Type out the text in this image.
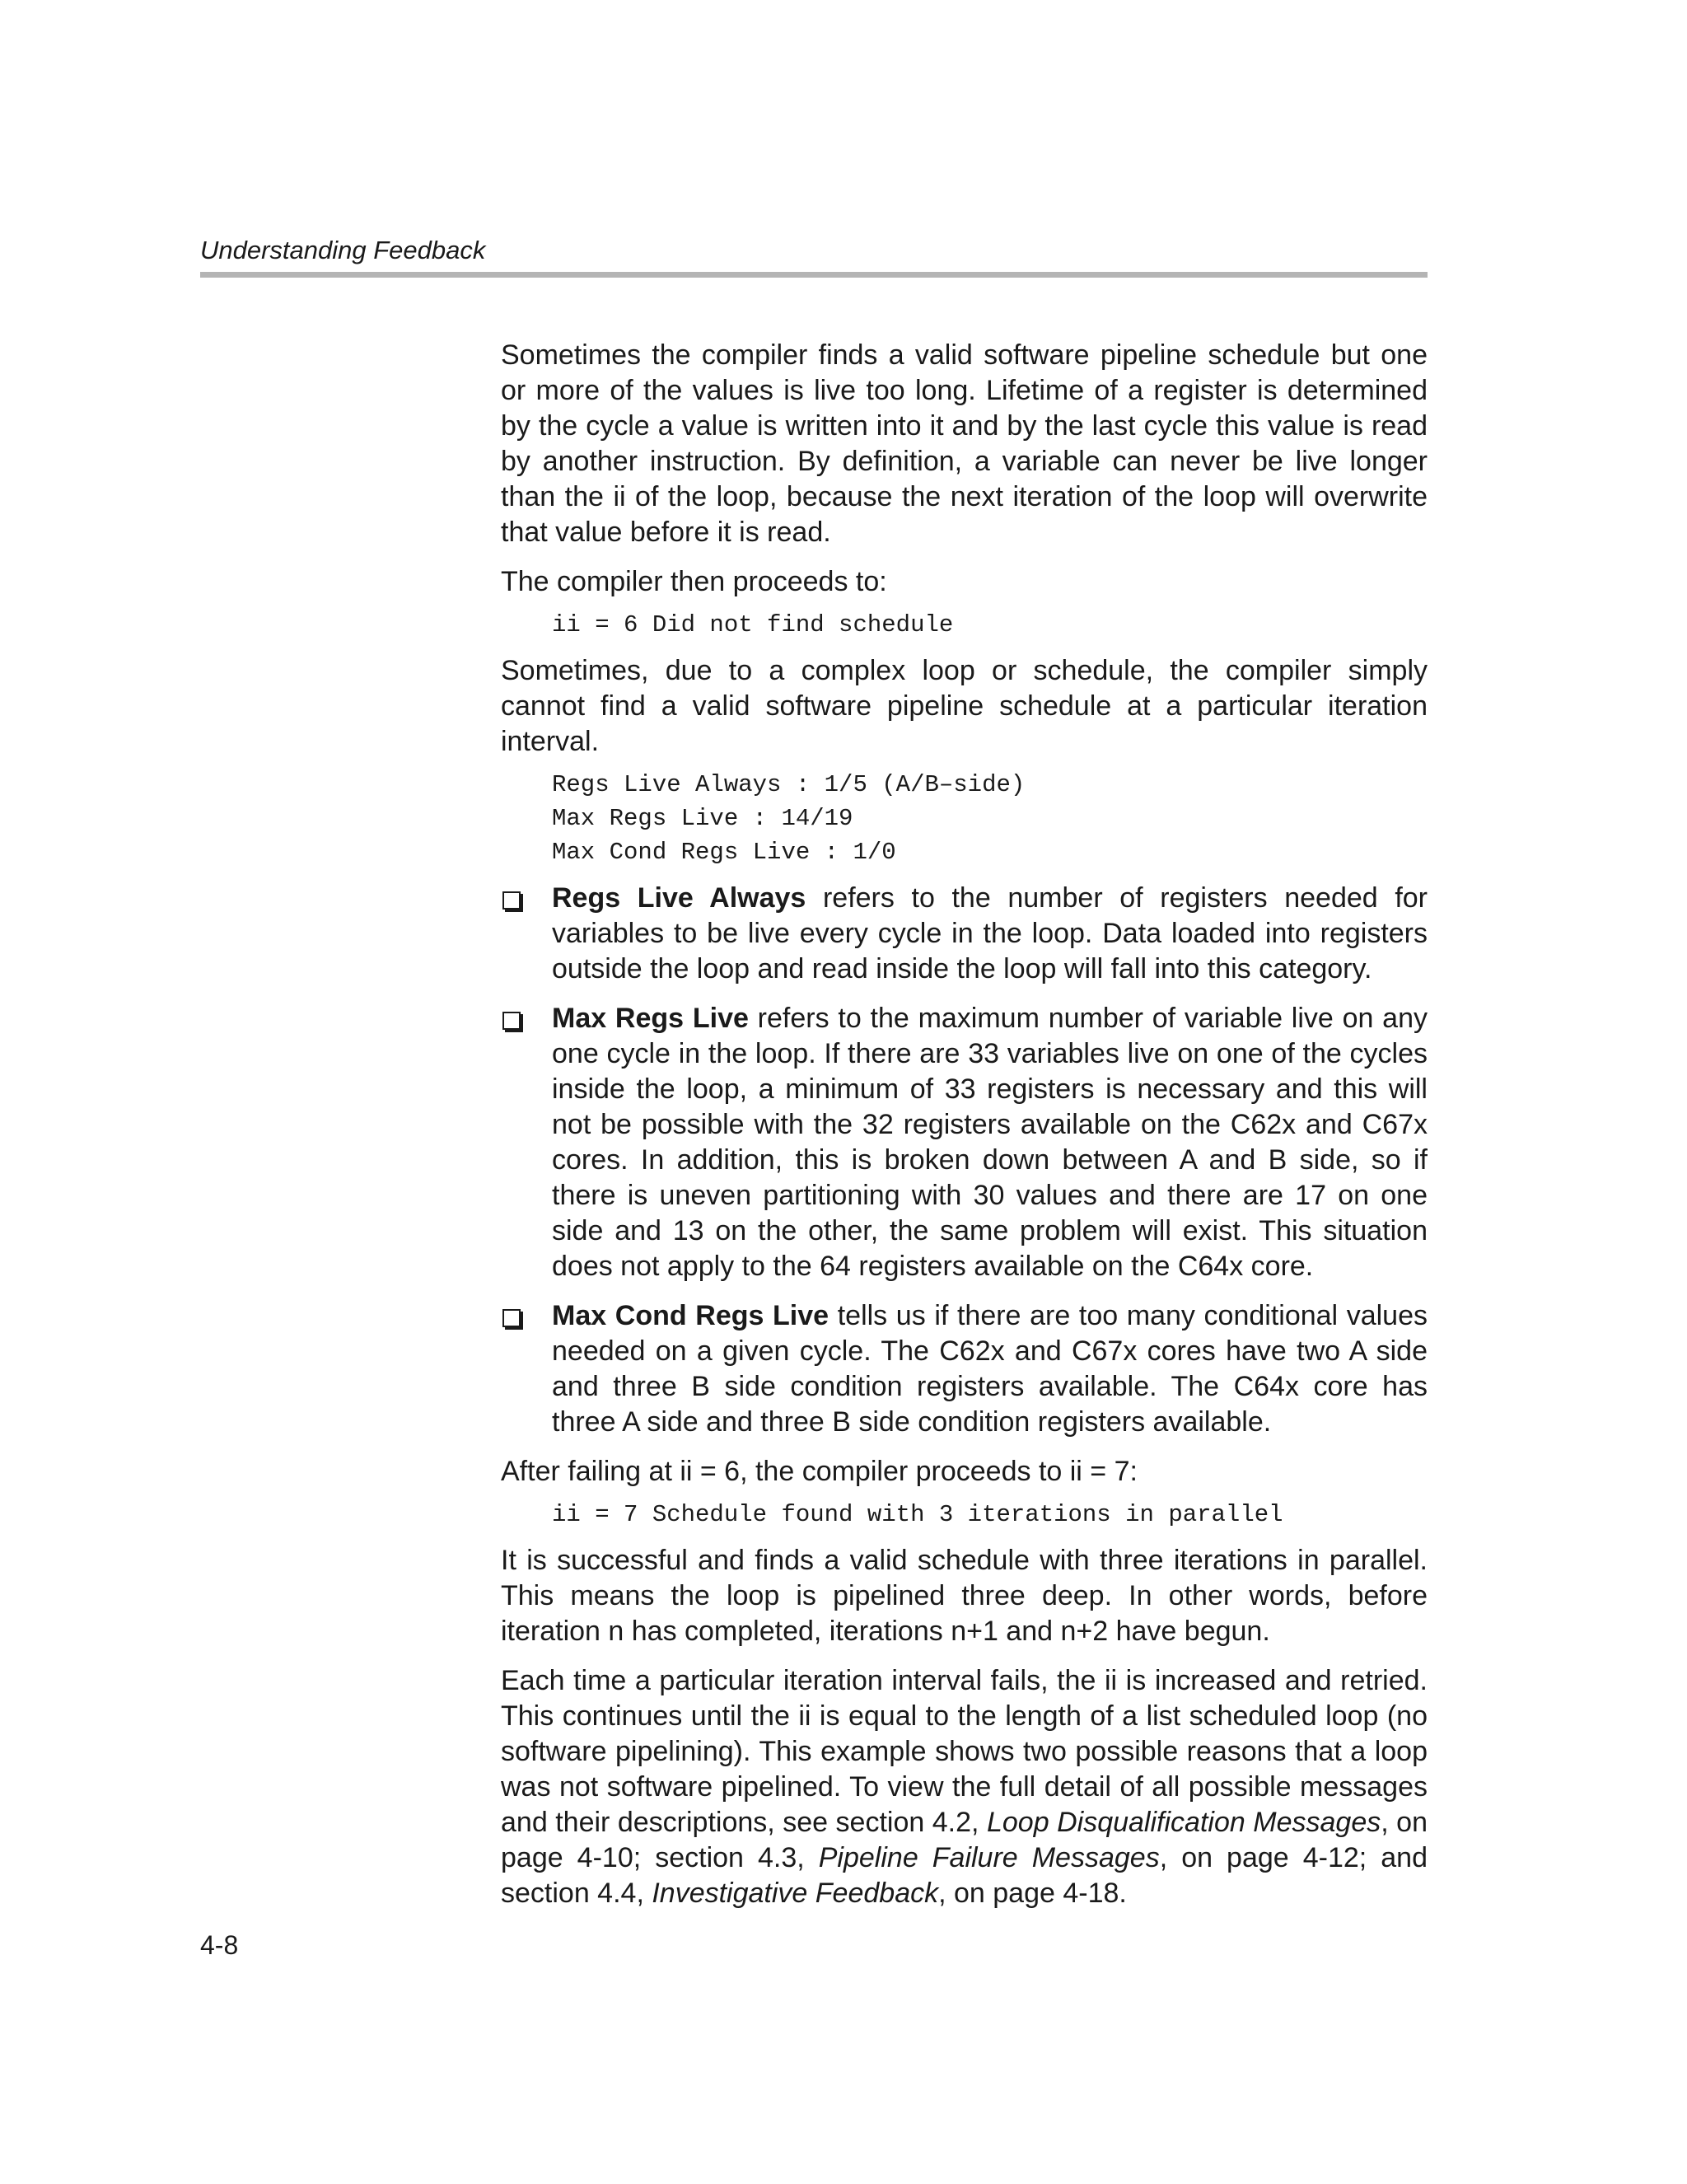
Understanding Feedback

Sometimes the compiler finds a valid software pipeline schedule but one or more of the values is live too long. Lifetime of a register is determined by the cycle a value is written into it and by the last cycle this value is read by another instruction. By definition, a variable can never be live longer than the ii of the loop, because the next iteration of the loop will overwrite that value before it is read.

The compiler then proceeds to:

ii = 6 Did not find schedule

Sometimes, due to a complex loop or schedule, the compiler simply cannot find a valid software pipeline schedule at a particular iteration interval.

Regs Live Always : 1/5 (A/B–side)
Max Regs Live : 14/19
Max Cond Regs Live : 1/0
Regs Live Always refers to the number of registers needed for variables to be live every cycle in the loop. Data loaded into registers outside the loop and read inside the loop will fall into this category.
Max Regs Live refers to the maximum number of variable live on any one cycle in the loop. If there are 33 variables live on one of the cycles inside the loop, a minimum of 33 registers is necessary and this will not be possible with the 32 registers available on the C62x and C67x cores. In addition, this is broken down between A and B side, so if there is uneven partitioning with 30 values and there are 17 on one side and 13 on the other, the same problem will exist. This situation does not apply to the 64 registers available on the C64x core.
Max Cond Regs Live tells us if there are too many conditional values needed on a given cycle. The C62x and C67x cores have two A side and three B side condition registers available. The C64x core has three A side and three B side condition registers available.

After failing at ii = 6, the compiler proceeds to ii = 7:

ii = 7 Schedule found with 3 iterations in parallel

It is successful and finds a valid schedule with three iterations in parallel. This means the loop is pipelined three deep. In other words, before iteration n has completed, iterations n+1 and n+2 have begun.

Each time a particular iteration interval fails, the ii is increased and retried. This continues until the ii is equal to the length of a list scheduled loop (no software pipelining). This example shows two possible reasons that a loop was not software pipelined. To view the full detail of all possible messages and their descriptions, see section 4.2, Loop Disqualification Messages, on page 4-10; section 4.3, Pipeline Failure Messages, on page 4-12; and section 4.4, Investigative Feedback, on page 4-18.

4-8
